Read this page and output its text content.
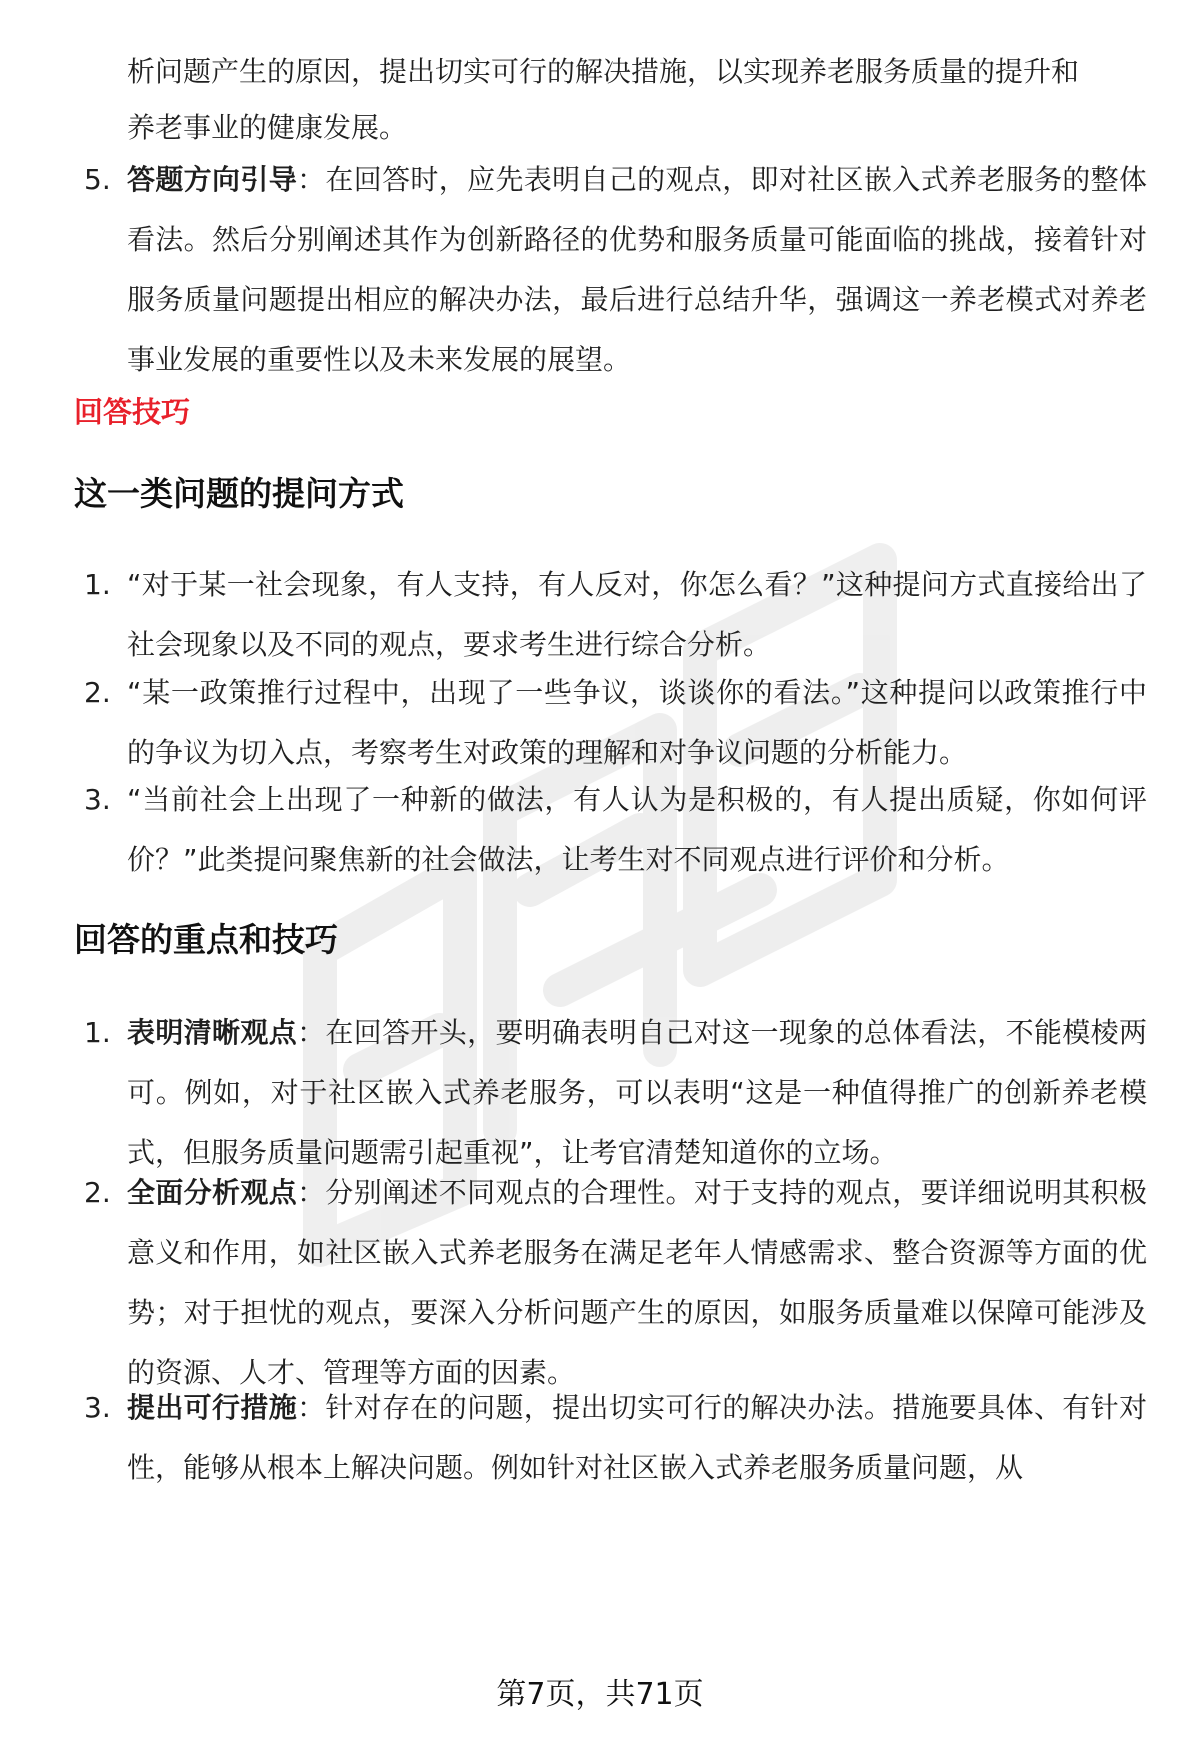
析问题产生的原因，提出切实可行的解决措施，以实现养老服务质量的提升和
养老事业的健康发展。
5. 答题方向引导：在回答时，应先表明自己的观点，即对社区嵌入式养老服务的整体看法。然后分别阐述其作为创新路径的优势和服务质量可能面临的挑战，接着针对服务质量问题提出相应的解决办法，最后进行总结升华，强调这一养老模式对养老事业发展的重要性以及未来发展的展望。
回答技巧
这一类问题的提问方式
1. “对于某一社会现象，有人支持，有人反对，你怎么看？”这种提问方式直接给出了社会现象以及不同的观点，要求考生进行综合分析。
2. “某一政策推行过程中，出现了一些争议，谈谈你的看法。”这种提问以政策推行中的争议为切入点，考察考生对政策的理解和对争议问题的分析能力。
3. “当前社会上出现了一种新的做法，有人认为是积极的，有人提出质疑，你如何评价？”此类提问聚焦新的社会做法，让考生对不同观点进行评价和分析。
回答的重点和技巧
1. 表明清晰观点：在回答开头，要明确表明自己对这一现象的总体看法，不能模棱两可。例如，对于社区嵌入式养老服务，可以表明“这是一种值得推广的创新养老模式，但服务质量问题需引起重视”，让考官清楚知道你的立场。
2. 全面分析观点：分别阐述不同观点的合理性。对于支持的观点，要详细说明其积极意义和作用，如社区嵌入式养老服务在满足老年人情感需求、整合资源等方面的优势；对于担忧的观点，要深入分析问题产生的原因，如服务质量难以保障可能涉及的资源、人才、管理等方面的因素。
3. 提出可行措施：针对存在的问题，提出切实可行的解决办法。措施要具体、有针对性，能够从根本上解决问题。例如针对社区嵌入式养老服务质量问题，从
第7页，共71页
